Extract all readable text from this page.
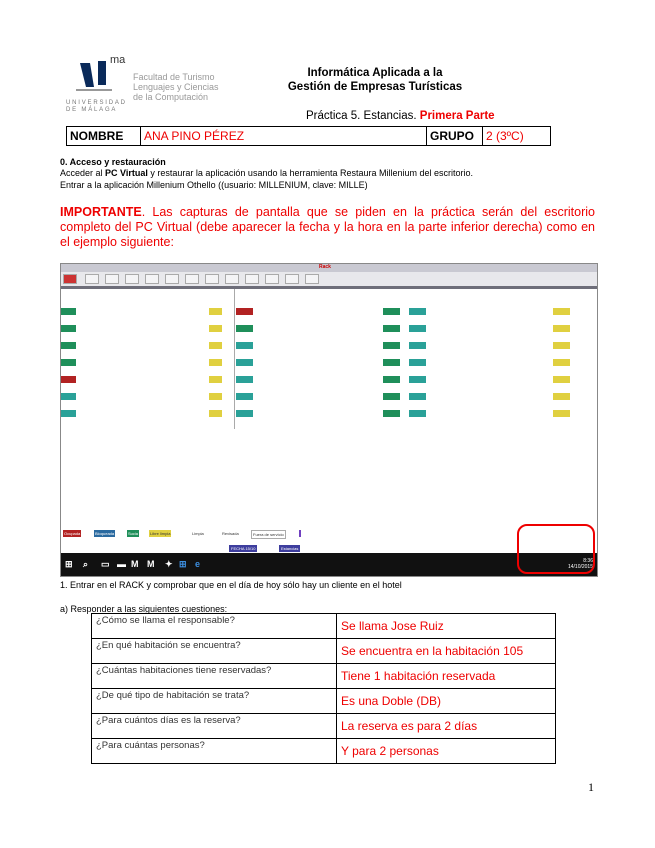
ma
Facultad de Turismo
Lenguajes y Ciencias
de la Computación
UNIVERSIDAD
DE MÁLAGA
Informática Aplicada a la
Gestión de Empresas Turísticas
Práctica 5. Estancias. Primera Parte
NOMBRE	ANA PINO PÉREZ	GRUPO 2 (3ºC)
0. Acceso y restauración
Acceder al PC Virtual y restaurar la aplicación usando la herramienta Restaura Millenium del escritorio.
Entrar a la aplicación Millenium Othello ((usuario: MILLENIUM, clave: MILLE)
IMPORTANTE. Las capturas de pantalla que se piden en la práctica serán del escritorio completo del PC Virtual (debe aparecer la fecha y la hora en la parte inferior derecha) como en el ejemplo siguiente:
Rack
Ocupada	Bloqueada	Sucia	Libre limpia	Limpia	Revisada	Fuera de servicio
FECHA 15/10	Estancias
⊞ ⌕ ▭ ▬ M M ✦ ⊞ e	8:36
14/10/2015
1. Entrar en el RACK y comprobar que en el día de hoy sólo hay un cliente en el hotel
a) Responder a las siguientes cuestiones:
¿Cómo se llama el responsable?	Se llama Jose Ruiz
¿En qué habitación se encuentra?	Se encuentra en la habitación 105
¿Cuántas habitaciones tiene reservadas?	Tiene 1 habitación reservada
¿De qué tipo de habitación se trata?	Es una Doble (DB)
¿Para cuántos días es la reserva?	La reserva es para 2 días
¿Para cuántas personas?	Y para 2 personas
1
